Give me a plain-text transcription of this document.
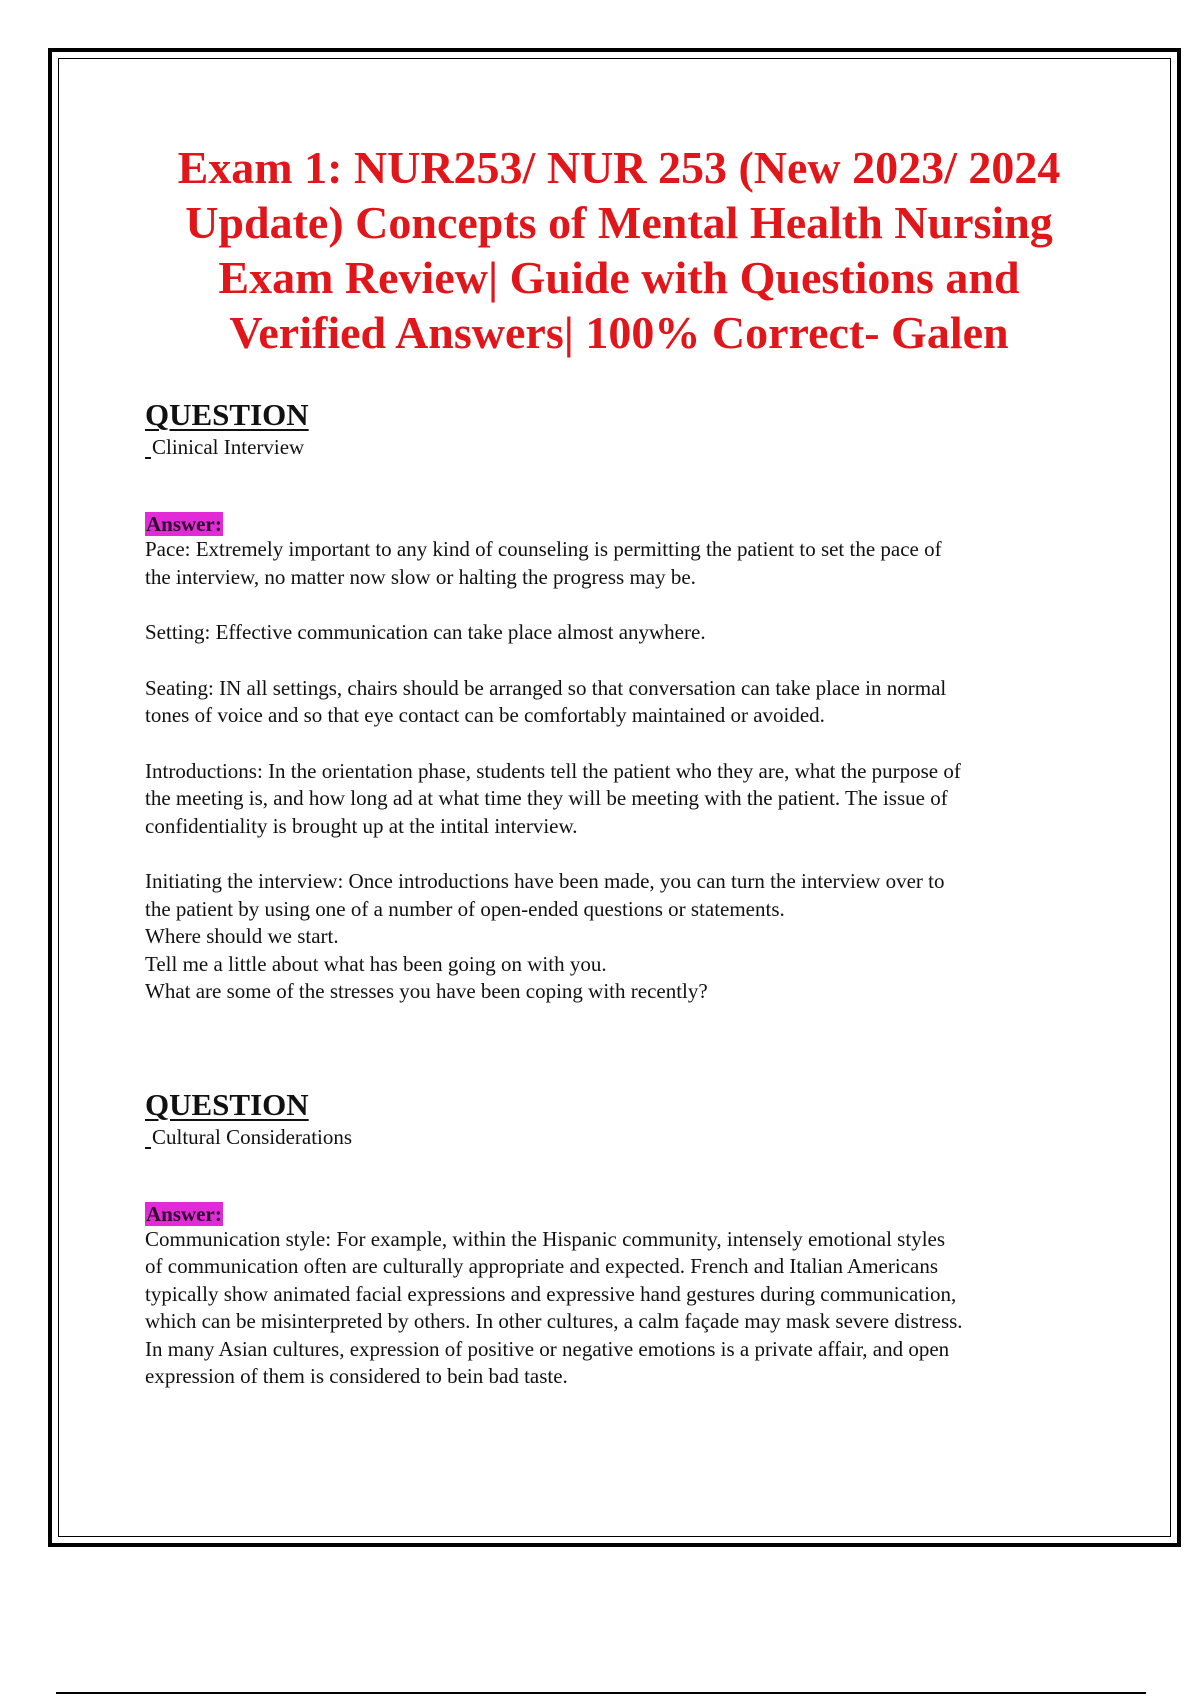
Exam 1: NUR253/ NUR 253 (New 2023/ 2024 Update) Concepts of Mental Health Nursing Exam Review| Guide with Questions and Verified Answers| 100% Correct- Galen
QUESTION
Clinical Interview
Answer:

Pace: Extremely important to any kind of counseling is permitting the patient to set the pace of
the interview, no matter now slow or halting the progress may be.

Setting: Effective communication can take place almost anywhere.

Seating: IN all settings, chairs should be arranged so that conversation can take place in normal
tones of voice and so that eye contact can be comfortably maintained or avoided.

Introductions: In the orientation phase, students tell the patient who they are, what the purpose of
the meeting is, and how long ad at what time they will be meeting with the patient. The issue of
confidentiality is brought up at the intital interview.

Initiating the interview: Once introductions have been made, you can turn the interview over to
the patient by using one of a number of open-ended questions or statements.
Where should we start.
Tell me a little about what has been going on with you.
What are some of the stresses you have been coping with recently?

QUESTION
Cultural Considerations
Answer:

Communication style: For example, within the Hispanic community, intensely emotional styles
of communication often are culturally appropriate and expected. French and Italian Americans
typically show animated facial expressions and expressive hand gestures during communication,
which can be misinterpreted by others. In other cultures, a calm façade may mask severe distress.
In many Asian cultures, expression of positive or negative emotions is a private affair, and open
expression of them is considered to bein bad taste.
